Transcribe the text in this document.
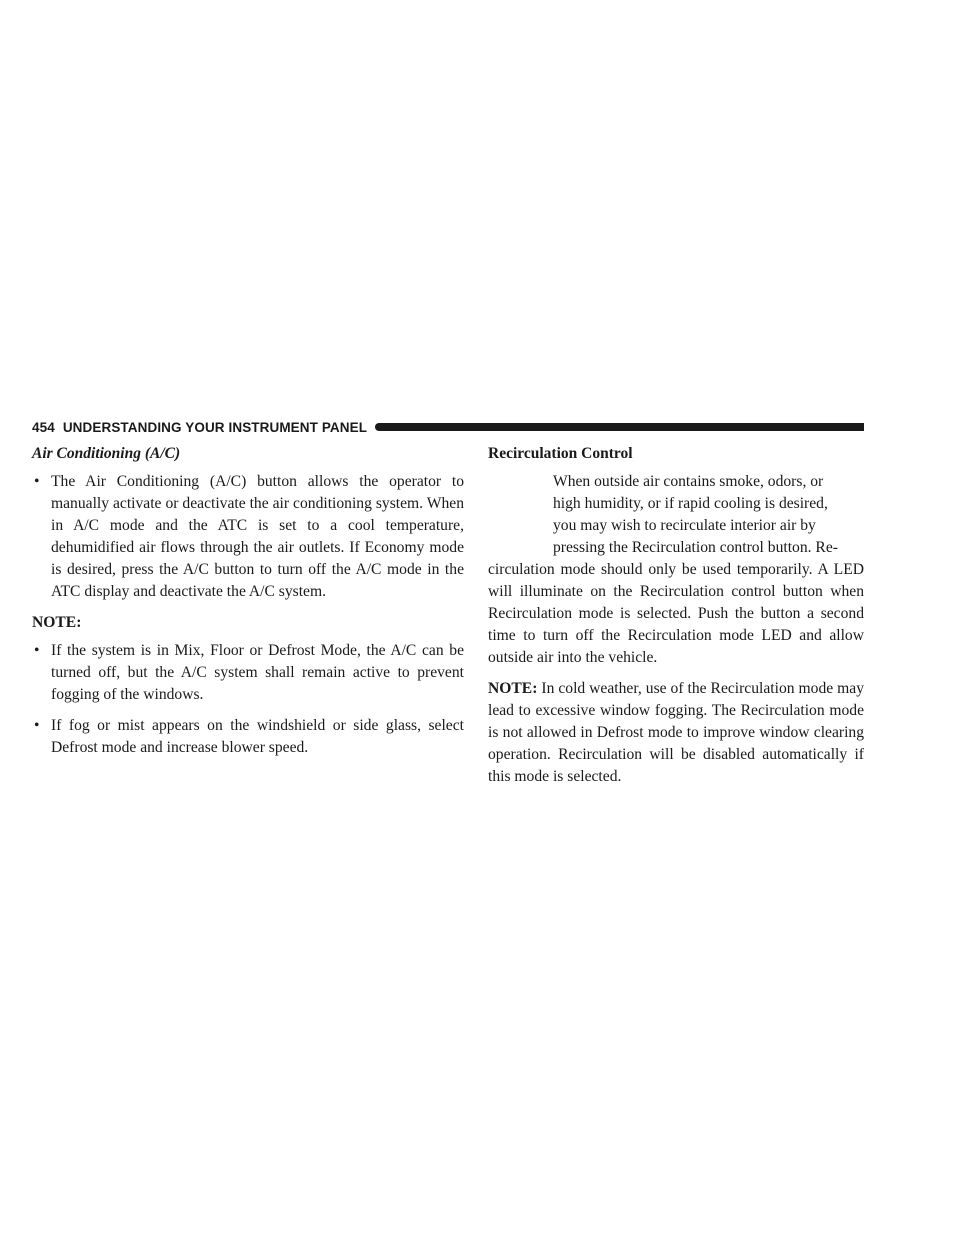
454 UNDERSTANDING YOUR INSTRUMENT PANEL
Air Conditioning (A/C)
• The Air Conditioning (A/C) button allows the operator to manually activate or deactivate the air conditioning system. When in A/C mode and the ATC is set to a cool temperature, dehumidified air flows through the air outlets. If Economy mode is desired, press the A/C button to turn off the A/C mode in the ATC display and deactivate the A/C system.
NOTE:
• If the system is in Mix, Floor or Defrost Mode, the A/C can be turned off, but the A/C system shall remain active to prevent fogging of the windows.
• If fog or mist appears on the windshield or side glass, select Defrost mode and increase blower speed.
Recirculation Control
When outside air contains smoke, odors, or
high humidity, or if rapid cooling is desired,
you may wish to recirculate interior air by
pressing the Recirculation control button. Re-
circulation mode should only be used temporarily. A LED will illuminate on the Recirculation control button when Recirculation mode is selected. Push the button a second time to turn off the Recirculation mode LED and allow outside air into the vehicle.
NOTE: In cold weather, use of the Recirculation mode may lead to excessive window fogging. The Recirculation mode is not allowed in Defrost mode to improve window clearing operation. Recirculation will be disabled automatically if this mode is selected.
